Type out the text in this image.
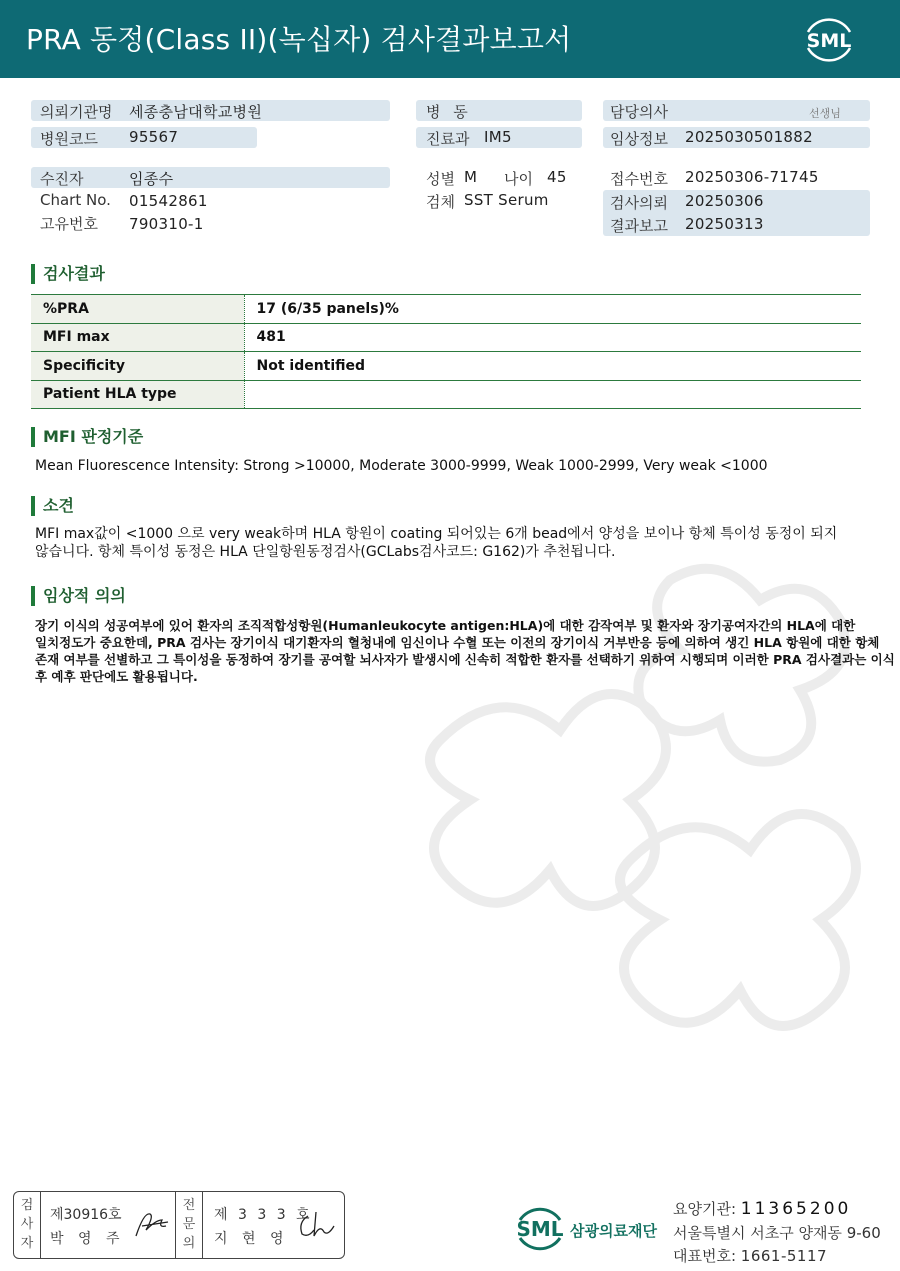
PRA 동정(Class II)(녹십자) 검사결과보고서	SML
의뢰기관명 세종충남대학교병원
병원코드 95567
수진자	임종수
Chart No. 01542861
고유번호 790310-1
병 동
진료과 IM5
성별 M 나이 45
검체 SST Serum
담당의사	선생님
임상정보 2025030501882
접수번호 20250306-71745
검사의뢰 20250306
결과보고 20250313
검사결과
%PRA	17 (6/35 panels)%
MFI max	481
Specificity	Not identified
Patient HLA type	
MFI 판정기준
Mean Fluorescence Intensity: Strong >10000, Moderate 3000-9999, Weak 1000-2999, Very weak <1000
소견
MFI max값이 <1000 으로 very weak하며 HLA 항원이 coating 되어있는 6개 bead에서 양성을 보이나 항체 특이성 동정이 되지
않습니다. 항체 특이성 동정은 HLA 단일항원동정검사(GCLabs검사코드: G162)가 추천됩니다.
임상적 의의
장기 이식의 성공여부에 있어 환자의 조직적합성항원(Humanleukocyte antigen:HLA)에 대한 감작여부 및 환자와 장기공여자간의 HLA에 대한
일치정도가 중요한데, PRA 검사는 장기이식 대기환자의 혈청내에 임신이나 수혈 또는 이전의 장기이식 거부반응 등에 의하여 생긴 HLA 항원에 대한 항체
존재 여부를 선별하고 그 특이성을 동정하여 장기를 공여할 뇌사자가 발생시에 신속히 적합한 환자를 선택하기 위하여 시행되며 이러한 PRA 검사결과는 이식
후 예후 판단에도 활용됩니다.
검사자
제30916호
박 영 주
전문의
제 3 3 3 호
지 현 영	SML 삼광의료재단
요양기관: 11365200
서울특별시 서초구 양재동 9-60
대표번호: 1661-5117
